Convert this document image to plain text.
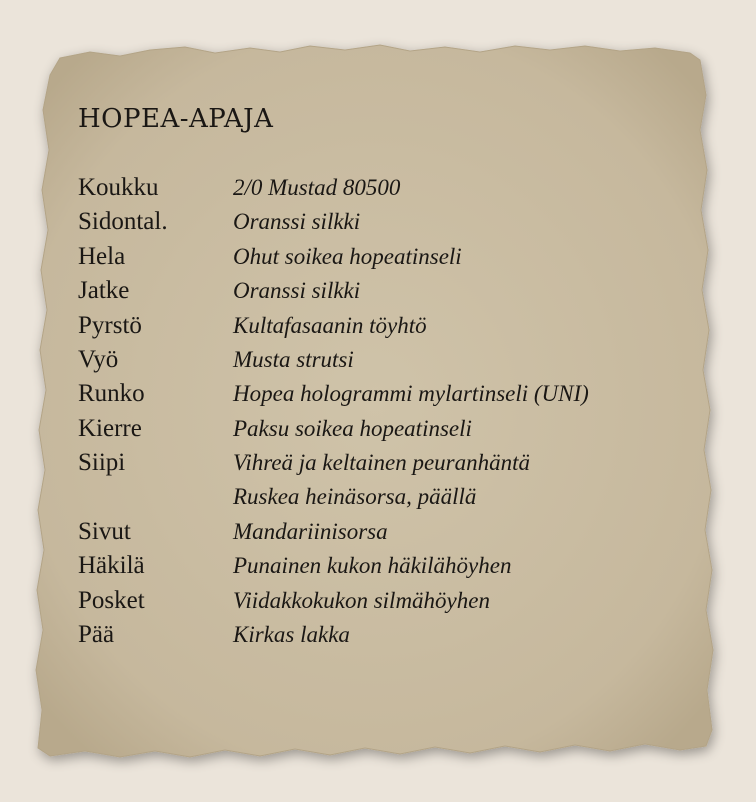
HOPEA-APAJA
Koukku	2/0 Mustad 80500
Sidontal.	Oranssi silkki
Hela	Ohut soikea hopeatinseli
Jatke	Oranssi silkki
Pyrstö	Kultafasaanin töyhtö
Vyö	Musta strutsi
Runko	Hopea hologrammi mylartinseli (UNI)
Kierre	Paksu soikea hopeatinseli
Siipi	Vihreä ja keltainen peuranhäntä
Ruskea heinäsorsa, päällä
Sivut	Mandariinisorsa
Häkilä	Punainen kukon häkilähöyhen
Posket	Viidakkokukon silmähöyhen
Pää	Kirkas lakka
